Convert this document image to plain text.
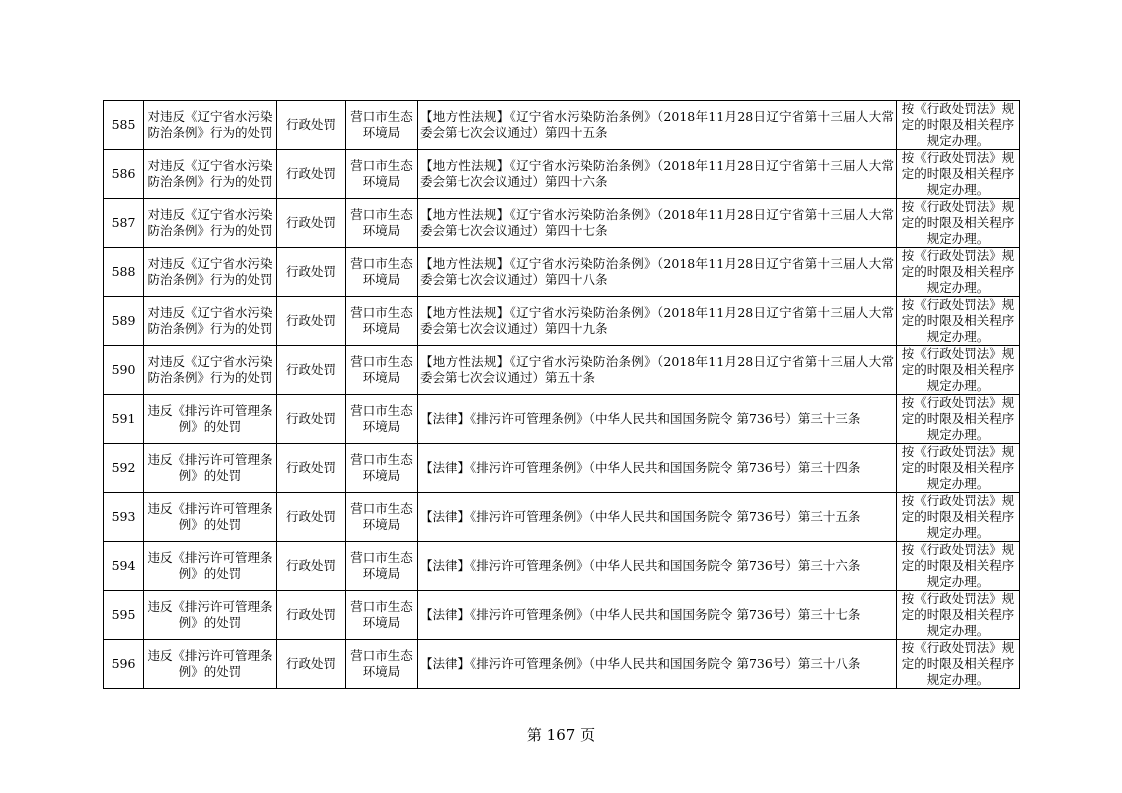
585	对违反《辽宁省水污染防治条例》行为的处罚	行政处罚	营口市生态环境局	【地方性法规】《辽宁省水污染防治条例》（2018年11月28日辽宁省第十三届人大常委会第七次会议通过）第四十五条	按《行政处罚法》规定的时限及相关程序规定办理。
586	对违反《辽宁省水污染防治条例》行为的处罚	行政处罚	营口市生态环境局	【地方性法规】《辽宁省水污染防治条例》（2018年11月28日辽宁省第十三届人大常委会第七次会议通过）第四十六条	按《行政处罚法》规定的时限及相关程序规定办理。
587	对违反《辽宁省水污染防治条例》行为的处罚	行政处罚	营口市生态环境局	【地方性法规】《辽宁省水污染防治条例》（2018年11月28日辽宁省第十三届人大常委会第七次会议通过）第四十七条	按《行政处罚法》规定的时限及相关程序规定办理。
588	对违反《辽宁省水污染防治条例》行为的处罚	行政处罚	营口市生态环境局	【地方性法规】《辽宁省水污染防治条例》（2018年11月28日辽宁省第十三届人大常委会第七次会议通过）第四十八条	按《行政处罚法》规定的时限及相关程序规定办理。
589	对违反《辽宁省水污染防治条例》行为的处罚	行政处罚	营口市生态环境局	【地方性法规】《辽宁省水污染防治条例》（2018年11月28日辽宁省第十三届人大常委会第七次会议通过）第四十九条	按《行政处罚法》规定的时限及相关程序规定办理。
590	对违反《辽宁省水污染防治条例》行为的处罚	行政处罚	营口市生态环境局	【地方性法规】《辽宁省水污染防治条例》（2018年11月28日辽宁省第十三届人大常委会第七次会议通过）第五十条	按《行政处罚法》规定的时限及相关程序规定办理。
591	违反《排污许可管理条例》的处罚	行政处罚	营口市生态环境局	【法律】《排污许可管理条例》（中华人民共和国国务院令 第736号）第三十三条	按《行政处罚法》规定的时限及相关程序规定办理。
592	违反《排污许可管理条例》的处罚	行政处罚	营口市生态环境局	【法律】《排污许可管理条例》（中华人民共和国国务院令 第736号）第三十四条	按《行政处罚法》规定的时限及相关程序规定办理。
593	违反《排污许可管理条例》的处罚	行政处罚	营口市生态环境局	【法律】《排污许可管理条例》（中华人民共和国国务院令 第736号）第三十五条	按《行政处罚法》规定的时限及相关程序规定办理。
594	违反《排污许可管理条例》的处罚	行政处罚	营口市生态环境局	【法律】《排污许可管理条例》（中华人民共和国国务院令 第736号）第三十六条	按《行政处罚法》规定的时限及相关程序规定办理。
595	违反《排污许可管理条例》的处罚	行政处罚	营口市生态环境局	【法律】《排污许可管理条例》（中华人民共和国国务院令 第736号）第三十七条	按《行政处罚法》规定的时限及相关程序规定办理。
596	违反《排污许可管理条例》的处罚	行政处罚	营口市生态环境局	【法律】《排污许可管理条例》（中华人民共和国国务院令 第736号）第三十八条	按《行政处罚法》规定的时限及相关程序规定办理。
第 167 页
